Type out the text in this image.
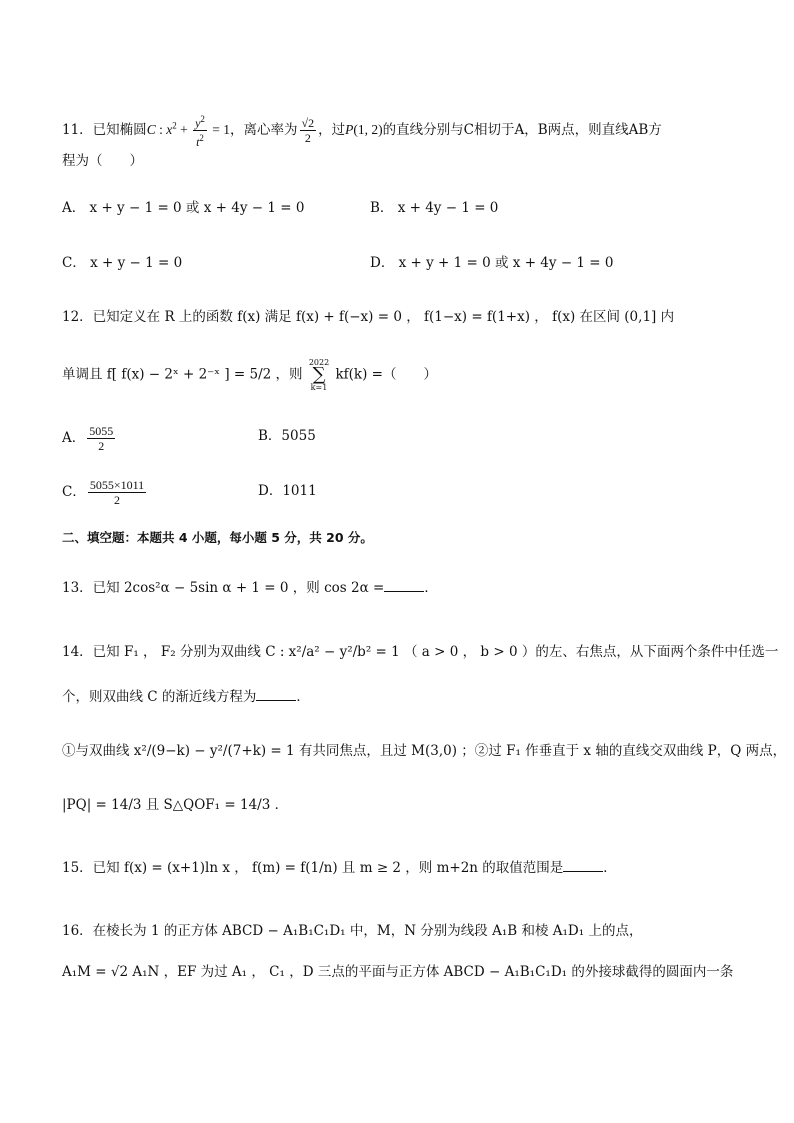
11．已知椭圆C : $x^2 + \frac{y^2}{t^2} = 1$，离心率为 $\frac{√2}{2}$ ，过P(1, 2)的直线分别与C相切于A，B两点，则直线AB方
程为（　　）
A． x + y − 1 = 0 或 x + 4y − 1 = 0	B． x + 4y − 1 = 0
C． x + y − 1 = 0	D． x + y + 1 = 0 或 x + 4y − 1 = 0
12．已知定义在 R 上的函数 f(x) 满足 f(x) + f(−x) = 0 ， f(1−x) = f(1+x) ， f(x) 在区间 (0,1] 内
单调且 f[ f(x) − 2ˣ + 2⁻ˣ ] = 5/2 ，则 2022
∑
k=1 kf(k) =（　　）
A． $\frac{5055}{2}$	B．5055
C． $\frac{5055\times 1011}{2}$	D．1011
二、填空题：本题共 4 小题，每小题 5 分，共 20 分。
13．已知 2cos²α − 5sin α + 1 = 0 ，则 cos 2α =	．
14．已知 F₁ ， F₂ 分别为双曲线 C : x²/a² − y²/b² = 1 （ a > 0 ， b > 0 ）的左、右焦点，从下面两个条件中任选一
个，则双曲线 C 的渐近线方程为	．
①与双曲线 x²/(9−k) − y²/(7+k) = 1 有共同焦点，且过 M(3,0) ；②过 F₁ 作垂直于 x 轴的直线交双曲线 P，Q 两点，
|PQ| = 14/3 且 S△QOF₁ = 14/3 ．
15．已知 f(x) = (x+1)ln x ， f(m) = f(1/n) 且 m ≥ 2 ，则 m+2n 的取值范围是	．
16．在棱长为 1 的正方体 ABCD − A₁B₁C₁D₁ 中，M，N 分别为线段 A₁B 和棱 A₁D₁ 上的点，
A₁M = √2 A₁N ，EF 为过 A₁ ， C₁ ，D 三点的平面与正方体 ABCD − A₁B₁C₁D₁ 的外接球截得的圆面内一条
